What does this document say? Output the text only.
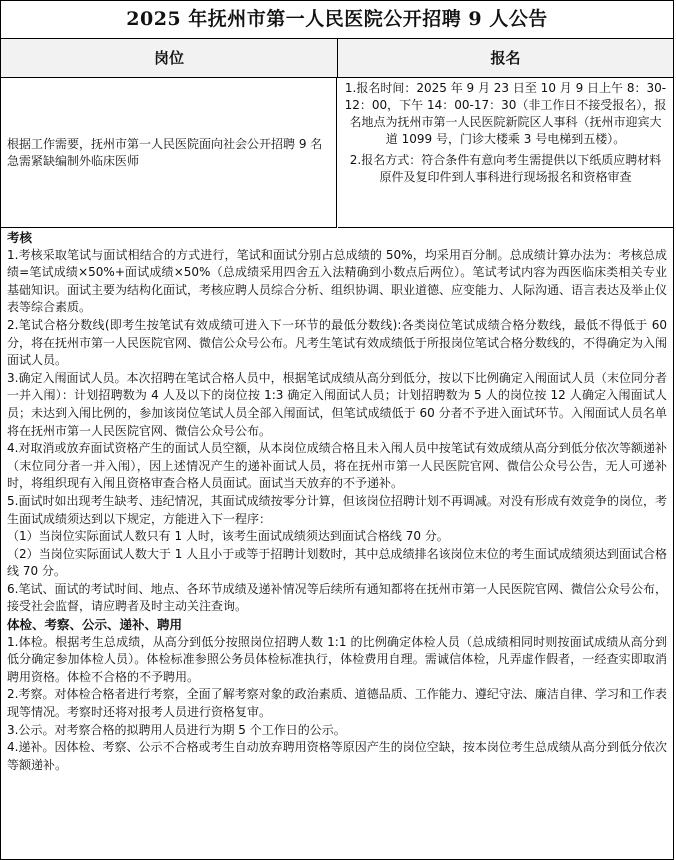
2025 年抚州市第一人民医院公开招聘 9 人公告
岗位	报名
根据工作需要，抚州市第一人民医院面向社会公开招聘 9 名急需紧缺编制外临床医师

1.报名时间：2025 年 9 月 23 日至 10 月 9 日上午 8：30-12：00，下午 14：00-17：30（非工作日不接受报名），报名地点为抚州市第一人民医院新院区人事科（抚州市迎宾大道 1099 号，门诊大楼乘 3 号电梯到五楼）。

2.报名方式：符合条件有意向考生需提供以下纸质应聘材料原件及复印件到人事科进行现场报名和资格审查

考核

1.考核采取笔试与面试相结合的方式进行，笔试和面试分别占总成绩的 50%，均采用百分制。总成绩计算办法为：考核总成绩=笔试成绩×50%+面试成绩×50%（总成绩采用四舍五入法精确到小数点后两位）。笔试考试内容为西医临床类相关专业基础知识。面试主要为结构化面试，考核应聘人员综合分析、组织协调、职业道德、应变能力、人际沟通、语言表达及举止仪表等综合素质。

2.笔试合格分数线(即考生按笔试有效成绩可进入下一环节的最低分数线):各类岗位笔试成绩合格分数线，最低不得低于 60 分，将在抚州市第一人民医院官网、微信公众号公布。凡考生笔试有效成绩低于所报岗位笔试合格分数线的，不得确定为入闱面试人员。

3.确定入闱面试人员。本次招聘在笔试合格人员中，根据笔试成绩从高分到低分，按以下比例确定入闱面试人员（末位同分者一并入闱）：计划招聘数为 4 人及以下的岗位按 1:3 确定入闱面试人员；计划招聘数为 5 人的岗位按 12 人确定入闱面试人员；未达到入闱比例的，参加该岗位笔试人员全部入闱面试，但笔试成绩低于 60 分者不予进入面试环节。入闱面试人员名单将在抚州市第一人民医院官网、微信公众号公布。

4.对取消或放弃面试资格产生的面试人员空额，从本岗位成绩合格且未入闱人员中按笔试有效成绩从高分到低分依次等额递补（末位同分者一并入闱），因上述情况产生的递补面试人员，将在抚州市第一人民医院官网、微信公众号公告，无人可递补时，将组织现有入闱且资格审查合格人员面试。面试当天放弃的不予递补。

5.面试时如出现考生缺考、违纪情况，其面试成绩按零分计算，但该岗位招聘计划不再调减。对没有形成有效竞争的岗位，考生面试成绩须达到以下规定，方能进入下一程序：

（1）当岗位实际面试人数只有 1 人时，该考生面试成绩须达到面试合格线 70 分。

（2）当岗位实际面试人数大于 1 人且小于或等于招聘计划数时，其中总成绩排名该岗位末位的考生面试成绩须达到面试合格线 70 分。

6.笔试、面试的考试时间、地点、各环节成绩及递补情况等后续所有通知都将在抚州市第一人民医院官网、微信公众号公布，接受社会监督，请应聘者及时主动关注查询。

体检、考察、公示、递补、聘用

1.体检。根据考生总成绩，从高分到低分按照岗位招聘人数 1:1 的比例确定体检人员（总成绩相同时则按面试成绩从高分到低分确定参加体检人员）。体检标准参照公务员体检标准执行，体检费用自理。需诚信体检，凡弄虚作假者，一经查实即取消聘用资格。体检不合格的不予聘用。

2.考察。对体检合格者进行考察，全面了解考察对象的政治素质、道德品质、工作能力、遵纪守法、廉洁自律、学习和工作表现等情况。考察时还将对报考人员进行资格复审。

3.公示。对考察合格的拟聘用人员进行为期 5 个工作日的公示。

4.递补。因体检、考察、公示不合格或考生自动放弃聘用资格等原因产生的岗位空缺，按本岗位考生总成绩从高分到低分依次等额递补。
